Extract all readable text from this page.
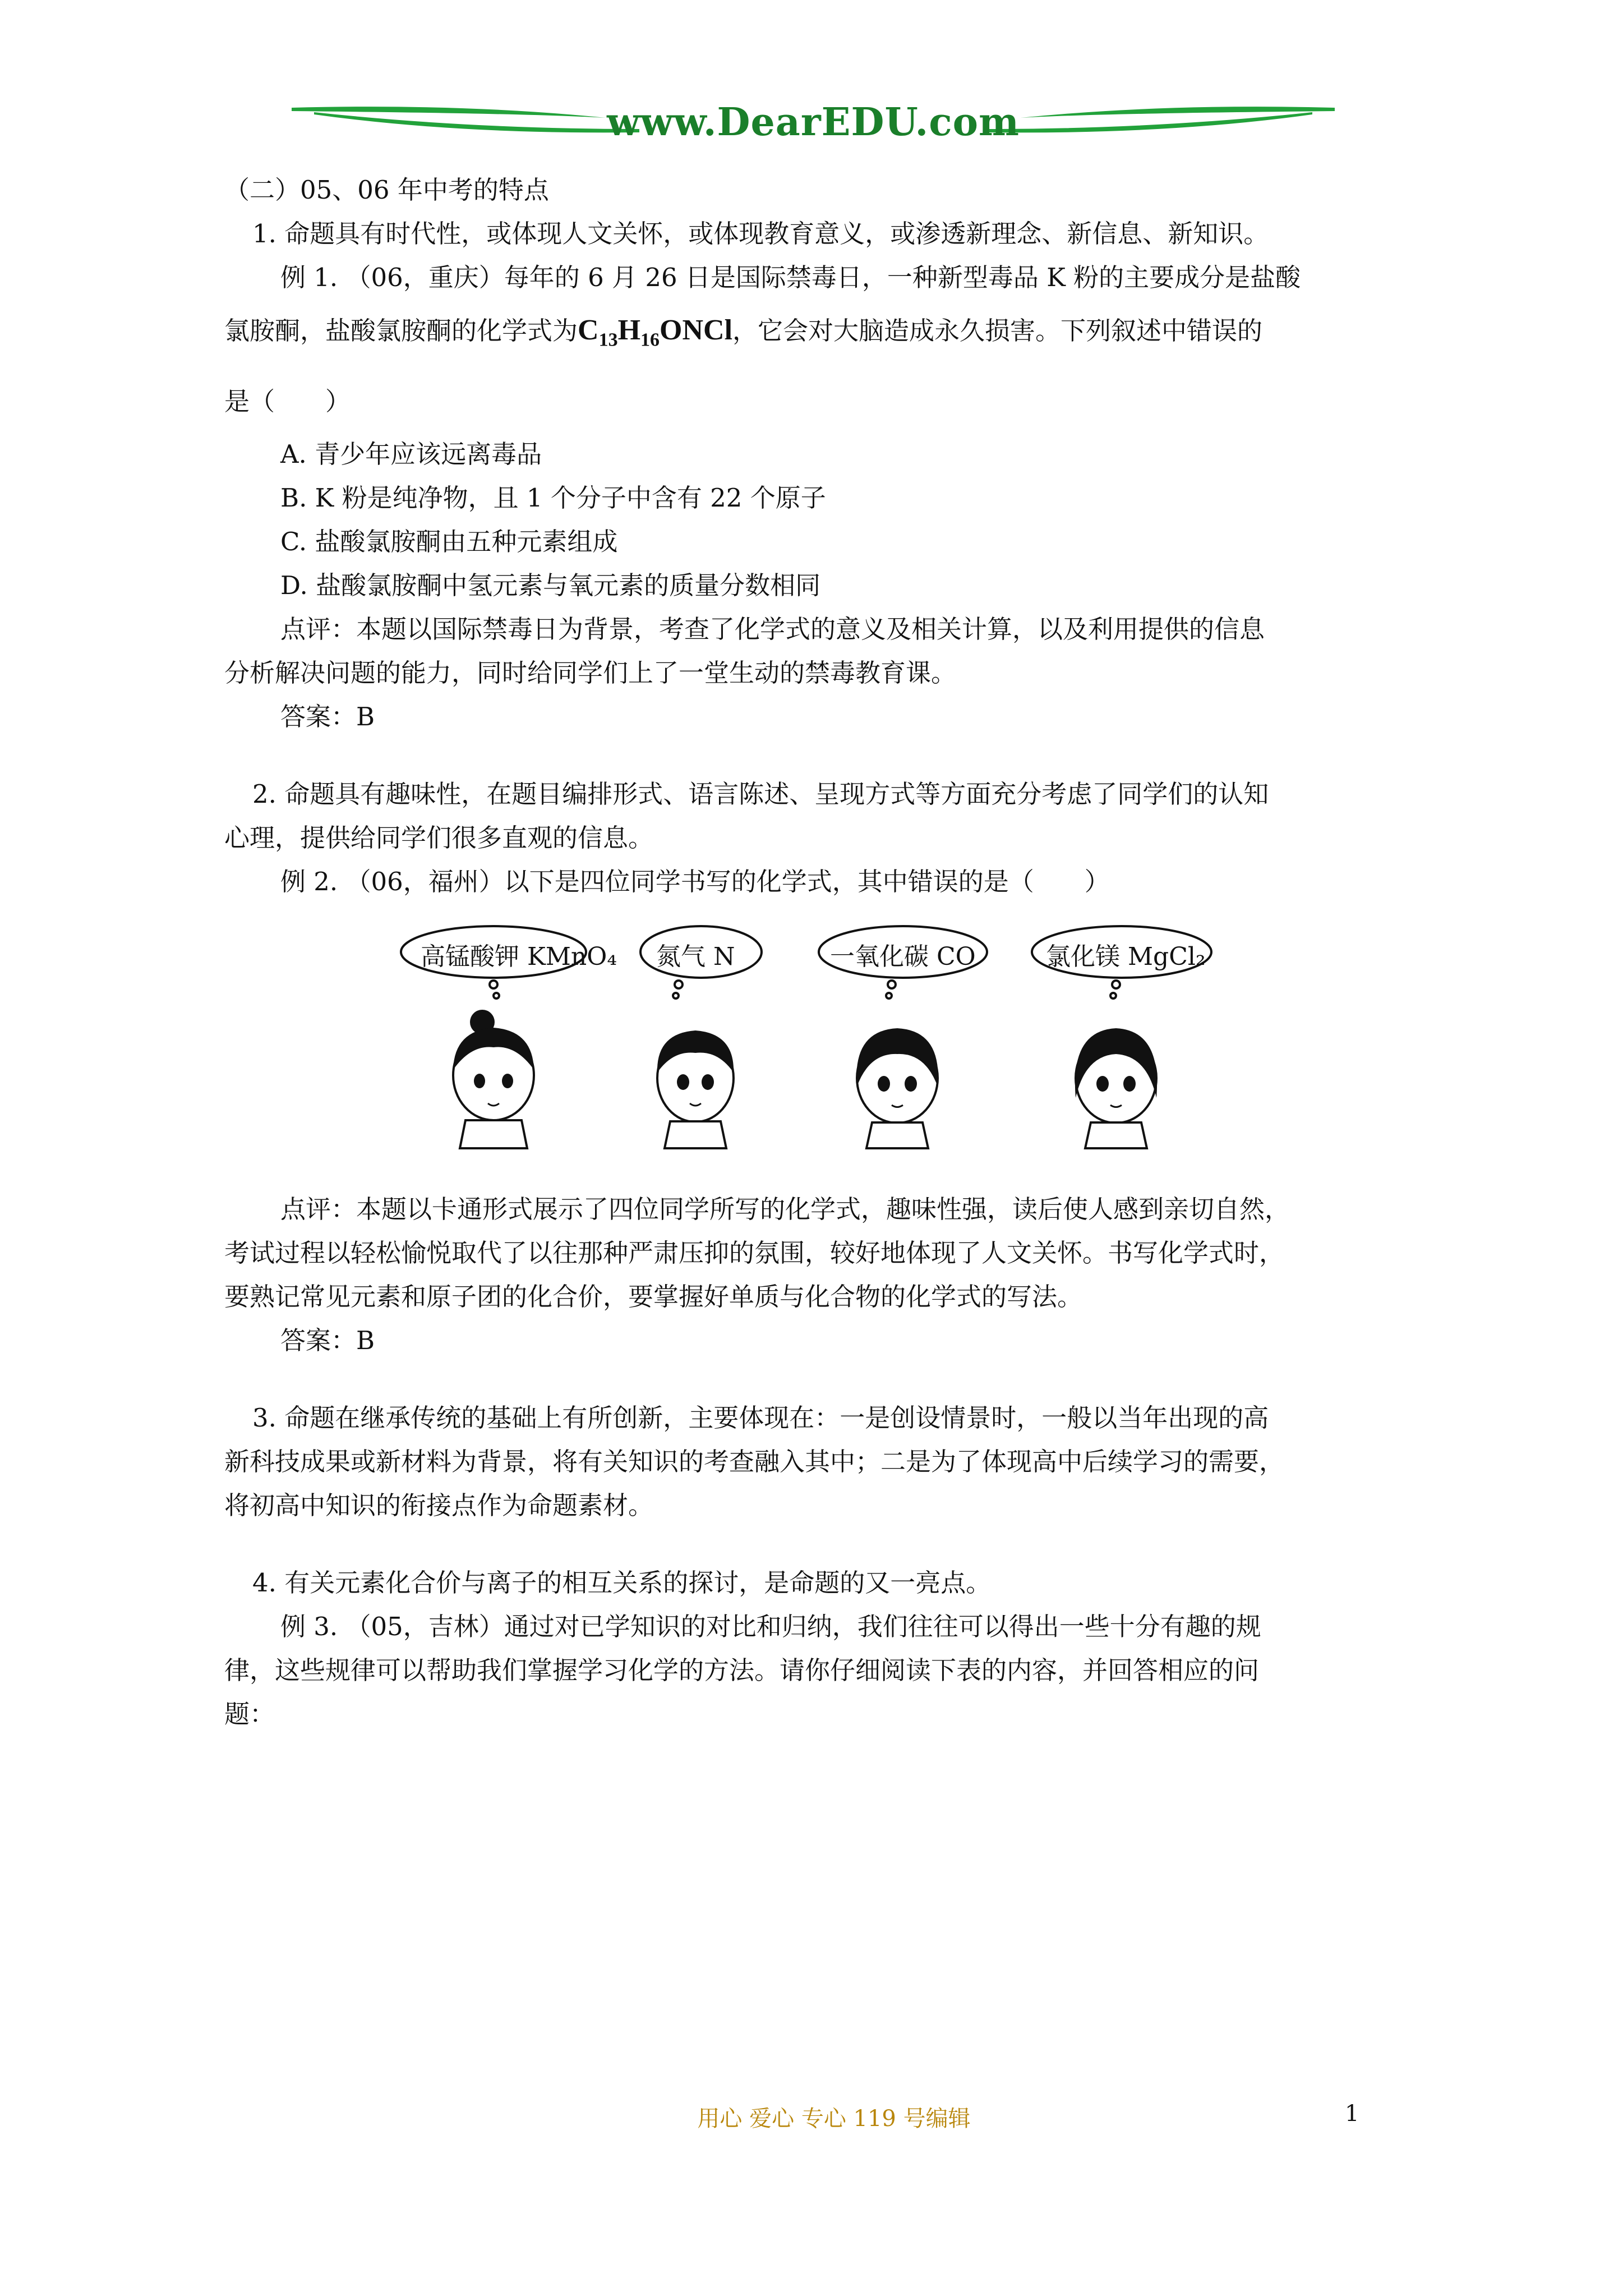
www.DearEDU.com
（二）05、06 年中考的特点
1. 命题具有时代性，或体现人文关怀，或体现教育意义，或渗透新理念、新信息、新知识。
例 1. （06，重庆）每年的 6 月 26 日是国际禁毒日，一种新型毒品 K 粉的主要成分是盐酸
氯胺酮，盐酸氯胺酮的化学式为$C_{13}H_{16}ONCl$，它会对大脑造成永久损害。下列叙述中错误的
是（　　）
A. 青少年应该远离毒品
B. K 粉是纯净物，且 1 个分子中含有 22 个原子
C. 盐酸氯胺酮由五种元素组成
D. 盐酸氯胺酮中氢元素与氧元素的质量分数相同
点评：本题以国际禁毒日为背景，考查了化学式的意义及相关计算，以及利用提供的信息
分析解决问题的能力，同时给同学们上了一堂生动的禁毒教育课。
答案：B
2. 命题具有趣味性，在题目编排形式、语言陈述、呈现方式等方面充分考虑了同学们的认知
心理，提供给同学们很多直观的信息。
例 2. （06，福州）以下是四位同学书写的化学式，其中错误的是（　　）
高锰酸钾 KMnO₄ 氮气 N	一氧化碳 CO	氯化镁 MgCl₂
点评：本题以卡通形式展示了四位同学所写的化学式，趣味性强，读后使人感到亲切自然，
考试过程以轻松愉悦取代了以往那种严肃压抑的氛围，较好地体现了人文关怀。书写化学式时，
要熟记常见元素和原子团的化合价，要掌握好单质与化合物的化学式的写法。
答案：B
3. 命题在继承传统的基础上有所创新，主要体现在：一是创设情景时，一般以当年出现的高
新科技成果或新材料为背景，将有关知识的考查融入其中；二是为了体现高中后续学习的需要，
将初高中知识的衔接点作为命题素材。
4. 有关元素化合价与离子的相互关系的探讨，是命题的又一亮点。
例 3. （05，吉林）通过对已学知识的对比和归纳，我们往往可以得出一些十分有趣的规
律，这些规律可以帮助我们掌握学习化学的方法。请你仔细阅读下表的内容，并回答相应的问
题：
用心 爱心 专心 119 号编辑	1
